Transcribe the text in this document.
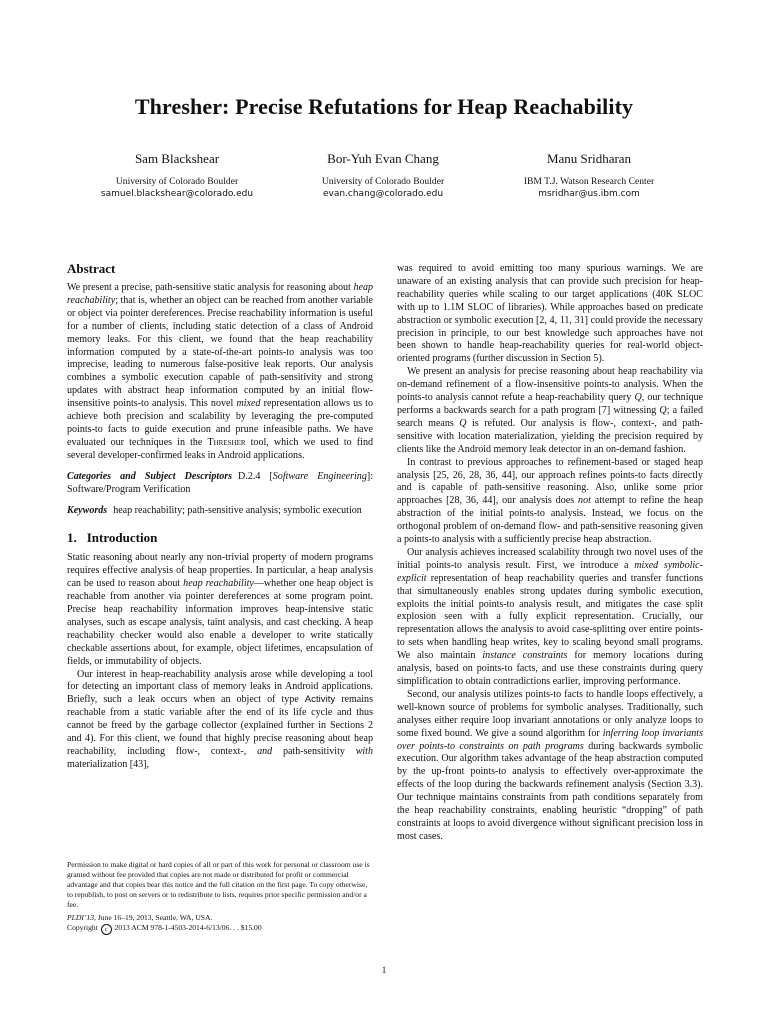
Thresher: Precise Refutations for Heap Reachability

Sam Blackshear

University of Colorado Boulder

samuel.blackshear@colorado.edu

Bor-Yuh Evan Chang

University of Colorado Boulder

evan.chang@colorado.edu

Manu Sridharan

IBM T.J. Watson Research Center

msridhar@us.ibm.com

Abstract

We present a precise, path-sensitive static analysis for reasoning about heap reachability; that is, whether an object can be reached from another variable or object via pointer dereferences. Precise reachability information is useful for a number of clients, including static detection of a class of Android memory leaks. For this client, we found that the heap reachability information computed by a state-of-the-art points-to analysis was too imprecise, leading to numerous false-positive leak reports. Our analysis combines a symbolic execution capable of path-sensitivity and strong updates with abstract heap information computed by an initial flow-insensitive points-to analysis. This novel mixed representation allows us to achieve both precision and scalability by leveraging the pre-computed points-to facts to guide execution and prune infeasible paths. We have evaluated our techniques in the Thresher tool, which we used to find several developer-confirmed leaks in Android applications.

Categories and Subject Descriptors D.2.4 [Software Engineering]: Software/Program Verification

Keywords heap reachability; path-sensitive analysis; symbolic execution

1. Introduction

Static reasoning about nearly any non-trivial property of modern programs requires effective analysis of heap properties. In particular, a heap analysis can be used to reason about heap reachability—whether one heap object is reachable from another via pointer dereferences at some program point. Precise heap reachability information improves heap-intensive static analyses, such as escape analysis, taint analysis, and cast checking. A heap reachability checker would also enable a developer to write statically checkable assertions about, for example, object lifetimes, encapsulation of fields, or immutability of objects.

Our interest in heap-reachability analysis arose while developing a tool for detecting an important class of memory leaks in Android applications. Briefly, such a leak occurs when an object of type Activity remains reachable from a static variable after the end of its life cycle and thus cannot be freed by the garbage collector (explained further in Sections 2 and 4). For this client, we found that highly precise reasoning about heap reachability, including flow-, context-, and path-sensitivity with materialization [43],

Permission to make digital or hard copies of all or part of this work for personal or classroom use is granted without fee provided that copies are not made or distributed for profit or commercial advantage and that copies bear this notice and the full citation on the first page. To copy otherwise, to republish, to post on servers or to redistribute to lists, requires prior specific permission and/or a fee.

PLDI’13, June 16–19, 2013, Seattle, WA, USA.

Copyright c 2013 ACM 978-1-4503-2014-6/13/06. . . $15.00

was required to avoid emitting too many spurious warnings. We are unaware of an existing analysis that can provide such precision for heap-reachability queries while scaling to our target applications (40K SLOC with up to 1.1M SLOC of libraries). While approaches based on predicate abstraction or symbolic execution [2, 4, 11, 31] could provide the necessary precision in principle, to our best knowledge such approaches have not been shown to handle heap-reachability queries for real-world object-oriented programs (further discussion in Section 5).

We present an analysis for precise reasoning about heap reachability via on-demand refinement of a flow-insensitive points-to analysis. When the points-to analysis cannot refute a heap-reachability query Q, our technique performs a backwards search for a path program [7] witnessing Q; a failed search means Q is refuted. Our analysis is flow-, context-, and path-sensitive with location materialization, yielding the precision required by clients like the Android memory leak detector in an on-demand fashion.

In contrast to previous approaches to refinement-based or staged heap analysis [25, 26, 28, 36, 44], our approach refines points-to facts directly and is capable of path-sensitive reasoning. Also, unlike some prior approaches [28, 36, 44], our analysis does not attempt to refine the heap abstraction of the initial points-to analysis. Instead, we focus on the orthogonal problem of on-demand flow- and path-sensitive reasoning given a points-to analysis with a sufficiently precise heap abstraction.

Our analysis achieves increased scalability through two novel uses of the initial points-to analysis result. First, we introduce a mixed symbolic-explicit representation of heap reachability queries and transfer functions that simultaneously enables strong updates during symbolic execution, exploits the initial points-to analysis result, and mitigates the case split explosion seen with a fully explicit representation. Crucially, our representation allows the analysis to avoid case-splitting over entire points-to sets when handling heap writes, key to scaling beyond small programs. We also maintain instance constraints for memory locations during analysis, based on points-to facts, and use these constraints during query simplification to obtain contradictions earlier, improving performance.

Second, our analysis utilizes points-to facts to handle loops effectively, a well-known source of problems for symbolic analyses. Traditionally, such analyses either require loop invariant annotations or only analyze loops to some fixed bound. We give a sound algorithm for inferring loop invariants over points-to constraints on path programs during backwards symbolic execution. Our algorithm takes advantage of the heap abstraction computed by the up-front points-to analysis to effectively over-approximate the effects of the loop during the backwards refinement analysis (Section 3.3). Our technique maintains constraints from path conditions separately from the heap reachability constraints, enabling heuristic “dropping” of path constraints at loops to avoid divergence without significant precision loss in most cases.

1
